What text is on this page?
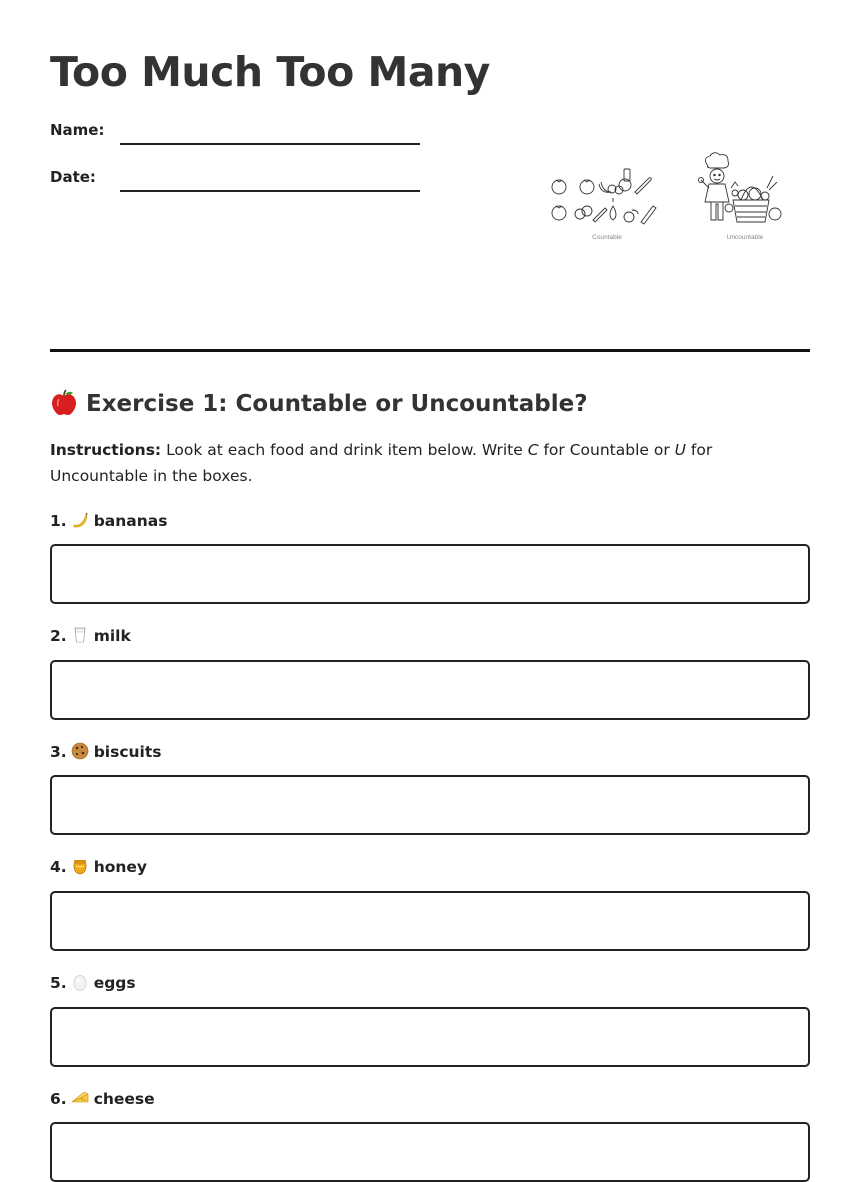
Too Much Too Many
Name:
Date:
Countable	Uncountable
Exercise 1: Countable or Uncountable?

Instructions: Look at each food and drink item below. Write C for Countable or U for Uncountable in the boxes.

1. bananas
2. milk
3. biscuits
4. honey
5. eggs
6. cheese
